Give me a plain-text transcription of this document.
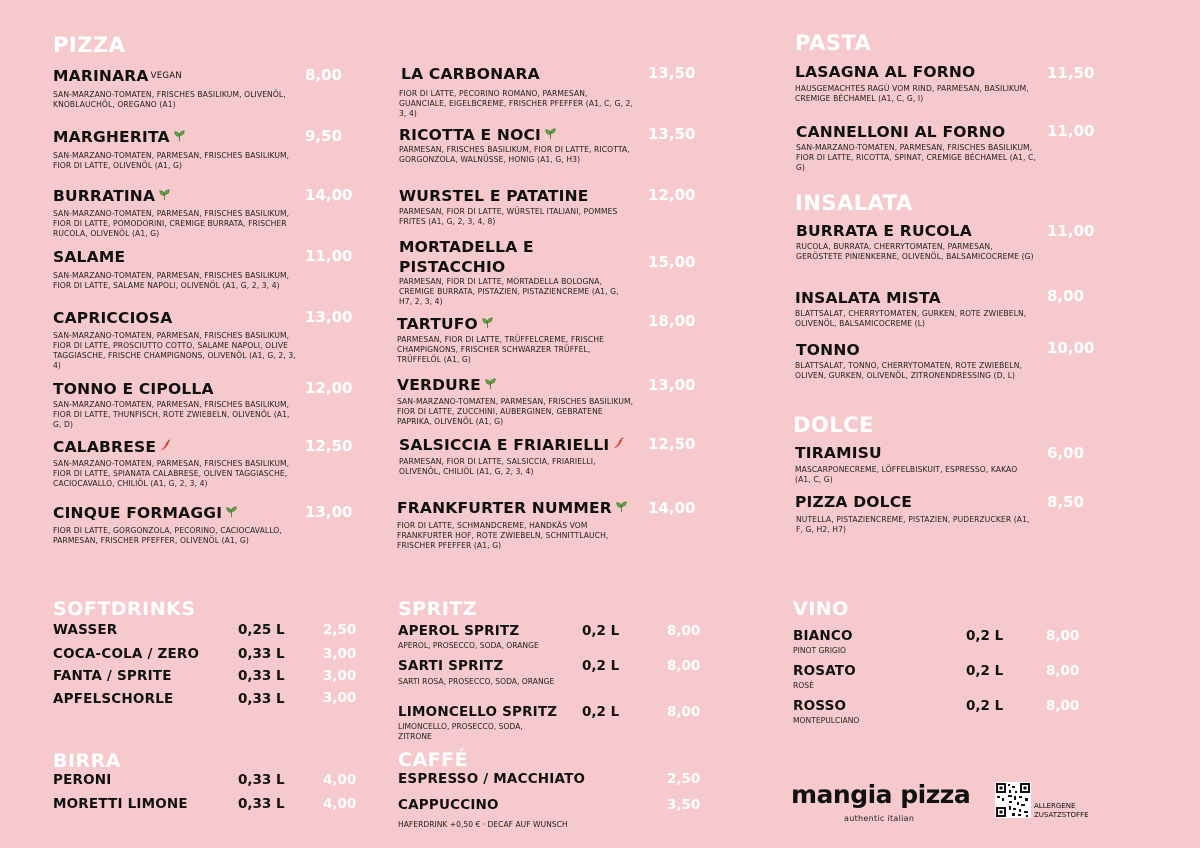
PIZZA
MARINARA VEGAN	8,00
SAN-MARZANO-TOMATEN, FRISCHES BASILIKUM, OLIVENÖL, KNOBLAUCHÖL, OREGANO (A1)
MARGHERITA	9,50
SAN-MARZANO-TOMATEN, PARMESAN, FRISCHES BASILIKUM, FIOR DI LATTE, OLIVENÖL (A1, G)
BURRATINA	14,00
SAN-MARZANO-TOMATEN, PARMESAN, FRISCHES BASILIKUM, FIOR DI LATTE, POMODORINI, CREMIGE BURRATA, FRISCHER RUCOLA, OLIVENÖL (A1, G)
SALAME	11,00
SAN-MARZANO-TOMATEN, PARMESAN, FRISCHES BASILIKUM, FIOR DI LATTE, SALAME NAPOLI, OLIVENÖL (A1, G, 2, 3, 4)
CAPRICCIOSA	13,00
SAN-MARZANO-TOMATEN, PARMESAN, FRISCHES BASILIKUM, FIOR DI LATTE, PROSCIUTTO COTTO, SALAME NAPOLI, OLIVE TAGGIASCHE, FRISCHE CHAMPIGNONS, OLIVENÖL (A1, G, 2, 3, 4)
TONNO E CIPOLLA	12,00
SAN-MARZANO-TOMATEN, PARMESAN, FRISCHES BASILIKUM, FIOR DI LATTE, THUNFISCH, ROTE ZWIEBELN, OLIVENÖL (A1, G, D)
CALABRESE	12,50
SAN-MARZANO-TOMATEN, PARMESAN, FRISCHES BASILIKUM, FIOR DI LATTE, SPIANATA CALABRESE, OLIVEN TAGGIASCHE, CACIOCAVALLO, CHILIÖL (A1, G, 2, 3, 4)
CINQUE FORMAGGI	13,00
FIOR DI LATTE, GORGONZOLA, PECORINO, CACIOCAVALLO, PARMESAN, FRISCHER PFEFFER, OLIVENÖL (A1, G)
LA CARBONARA	13,50
FIOR DI LATTE, PECORINO ROMANO, PARMESAN, GUANCIALE, EIGELBCREME, FRISCHER PFEFFER (A1, C, G, 2, 3, 4)
RICOTTA E NOCI	13,50
PARMESAN, FRISCHES BASILIKUM, FIOR DI LATTE, RICOTTA, GORGONZOLA, WALNÜSSE, HONIG (A1, G, H3)
WURSTEL E PATATINE	12,00
PARMESAN, FIOR DI LATTE, WÜRSTEL ITALIANI, POMMES FRITES (A1, G, 2, 3, 4, 8)
MORTADELLA E PISTACCHIO	15,00
PARMESAN, FIOR DI LATTE, MORTADELLA BOLOGNA, CREMIGE BURRATA, PISTAZIEN, PISTAZIENCREME (A1, G, H7, 2, 3, 4)
TARTUFO	18,00
PARMESAN, FIOR DI LATTE, TRÜFFELCREME, FRISCHE CHAMPIGNONS, FRISCHER SCHWARZER TRÜFFEL, TRÜFFELÖL (A1, G)
VERDURE	13,00
SAN-MARZANO-TOMATEN, PARMESAN, FRISCHES BASILIKUM, FIOR DI LATTE, ZUCCHINI, AUBERGINEN, GEBRATENE PAPRIKA, OLIVENÖL (A1, G)
SALSICCIA E FRIARIELLI	12,50
PARMESAN, FIOR DI LATTE, SALSICCIA, FRIARIELLI, OLIVENÖL, CHILIÖL (A1, G, 2, 3, 4)
FRANKFURTER NUMMER	14,00
FIOR DI LATTE, SCHMANDCREME, HANDKÄS VOM FRANKFURTER HOF, ROTE ZWIEBELN, SCHNITTLAUCH, FRISCHER PFEFFER (A1, G)
PASTA
LASAGNA AL FORNO	11,50
HAUSGEMACHTES RAGÙ VOM RIND, PARMESAN, BASILIKUM, CREMIGE BÉCHAMEL (A1, C, G, I)
CANNELLONI AL FORNO	11,00
SAN-MARZANO-TOMATEN, PARMESAN, FRISCHES BASILIKUM, FIOR DI LATTE, RICOTTA, SPINAT, CREMIGE BÉCHAMEL (A1, C, G)
INSALATA
BURRATA E RUCOLA	11,00
RUCOLA, BURRATA, CHERRYTOMATEN, PARMESAN, GERÖSTETE PINIENKERNE, OLIVENÖL, BALSAMICOCREME (G)
INSALATA MISTA	8,00
BLATTSALAT, CHERRYTOMATEN, GURKEN, ROTE ZWIEBELN, OLIVENÖL, BALSAMICOCREME (L)
TONNO	10,00
BLATTSALAT, TONNO, CHERRYTOMATEN, ROTE ZWIEBELN, OLIVEN, GURKEN, OLIVENÖL, ZITRONENDRESSING (D, L)
DOLCE
TIRAMISU	6,00
MASCARPONECREME, LÖFFELBISKUIT, ESPRESSO, KAKAO (A1, C, G)
PIZZA DOLCE	8,50
NUTELLA, PISTAZIENCREME, PISTAZIEN, PUDERZUCKER (A1, F, G, H2, H7)
SOFTDRINKS
WASSER	0,25 L	2,50
COCA-COLA / ZERO	0,33 L	3,00
FANTA / SPRITE	0,33 L	3,00
APFELSCHORLE	0,33 L	3,00
BIRRA
PERONI	0,33 L	4,00
MORETTI LIMONE	0,33 L	4,00
SPRITZ
APEROL SPRITZ	0,2 L	8,00
APEROL, PROSECCO, SODA, ORANGE
SARTI SPRITZ	0,2 L	8,00
SARTI ROSA, PROSECCO, SODA, ORANGE
LIMONCELLO SPRITZ 0,2 L	8,00
LIMONCELLO, PROSECCO, SODA, ZITRONE
CAFFÉ
ESPRESSO / MACCHIATO	2,50
CAPPUCCINO	3,50
HAFERDRINK +0,50 € · DECAF AUF WUNSCH
VINO
BIANCO	0,2 L	8,00
PINOT GRIGIO
ROSATO	0,2 L	8,00
ROSÈ
ROSSO	0,2 L	8,00
MONTEPULCIANO
mangia pizza
authentic italian
ALLERGENE
ZUSATZSTOFFE
